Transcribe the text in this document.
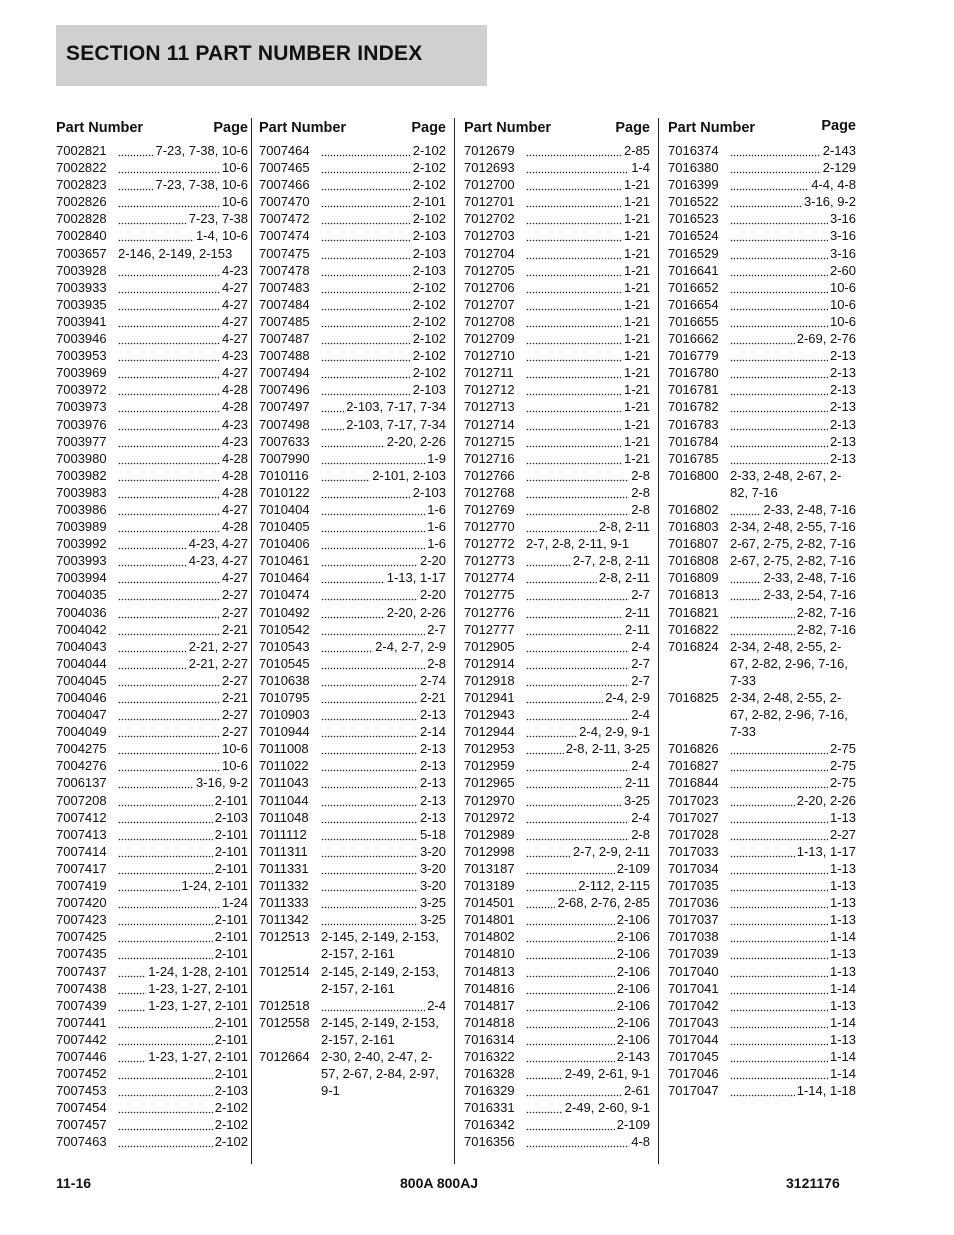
SECTION 11 PART NUMBER INDEX
Part Number	Page
7002821	7-23, 7-38, 10-6
7002822	10-6
7002823	7-23, 7-38, 10-6
7002826	10-6
7002828	7-23, 7-38
7002840	1-4, 10-6
7003657 2-146, 2-149, 2-153
7003928	4-23
7003933	4-27
7003935	4-27
7003941	4-27
7003946	4-27
7003953	4-23
7003969	4-27
7003972	4-28
7003973	4-28
7003976	4-23
7003977	4-23
7003980	4-28
7003982	4-28
7003983	4-28
7003986	4-27
7003989	4-28
7003992	4-23, 4-27
7003993	4-23, 4-27
7003994	4-27
7004035	2-27
7004036	2-27
7004042	2-21
7004043	2-21, 2-27
7004044	2-21, 2-27
7004045	2-27
7004046	2-21
7004047	2-27
7004049	2-27
7004275	10-6
7004276	10-6
7006137	3-16, 9-2
7007208	2-101
7007412	2-103
7007413	2-101
7007414	2-101
7007417	2-101
7007419	1-24, 2-101
7007420	1-24
7007423	2-101
7007425	2-101
7007435	2-101
7007437	1-24, 1-28, 2-101
7007438	1-23, 1-27, 2-101
7007439	1-23, 1-27, 2-101
7007441	2-101
7007442	2-101
7007446	1-23, 1-27, 2-101
7007452	2-101
7007453	2-103
7007454	2-102
7007457	2-102
7007463	2-102
Part Number	Page
7007464	2-102
7007465	2-102
7007466	2-102
7007470	2-101
7007472	2-102
7007474	2-103
7007475	2-103
7007478	2-103
7007483	2-102
7007484	2-102
7007485	2-102
7007487	2-102
7007488	2-102
7007494	2-102
7007496	2-103
7007497	2-103, 7-17, 7-34
7007498	2-103, 7-17, 7-34
7007633	2-20, 2-26
7007990	1-9
7010116	2-101, 2-103
7010122	2-103
7010404	1-6
7010405	1-6
7010406	1-6
7010461	2-20
7010464	1-13, 1-17
7010474	2-20
7010492	2-20, 2-26
7010542	2-7
7010543	2-4, 2-7, 2-9
7010545	2-8
7010638	2-74
7010795	2-21
7010903	2-13
7010944	2-14
7011008	2-13
7011022	2-13
7011043	2-13
7011044	2-13
7011048	2-13
7011112	5-18
7011311	3-20
7011331	3-20
7011332	3-20
7011333	3-25
7011342	3-25
7012513 2-145, 2-149, 2-153, 2-157, 2-161
7012514 2-145, 2-149, 2-153, 2-157, 2-161
7012518	2-4
7012558 2-145, 2-149, 2-153, 2-157, 2-161
7012664 2-30, 2-40, 2-47, 2-57, 2-67, 2-84, 2-97, 9-1
Part Number	Page
7012679	2-85
7012693	1-4
7012700	1-21
7012701	1-21
7012702	1-21
7012703	1-21
7012704	1-21
7012705	1-21
7012706	1-21
7012707	1-21
7012708	1-21
7012709	1-21
7012710	1-21
7012711	1-21
7012712	1-21
7012713	1-21
7012714	1-21
7012715	1-21
7012716	1-21
7012766	2-8
7012768	2-8
7012769	2-8
7012770	2-8, 2-11
7012772 2-7, 2-8, 2-11, 9-1
7012773	2-7, 2-8, 2-11
7012774	2-8, 2-11
7012775	2-7
7012776	2-11
7012777	2-11
7012905	2-4
7012914	2-7
7012918	2-7
7012941	2-4, 2-9
7012943	2-4
7012944	2-4, 2-9, 9-1
7012953	2-8, 2-11, 3-25
7012959	2-4
7012965	2-11
7012970	3-25
7012972	2-4
7012989	2-8
7012998	2-7, 2-9, 2-11
7013187	2-109
7013189	2-112, 2-115
7014501	2-68, 2-76, 2-85
7014801	2-106
7014802	2-106
7014810	2-106
7014813	2-106
7014816	2-106
7014817	2-106
7014818	2-106
7016314	2-106
7016322	2-143
7016328	2-49, 2-61, 9-1
7016329	2-61
7016331	2-49, 2-60, 9-1
7016342	2-109
7016356	4-8
Part Number	Page
7016374	2-143
7016380	2-129
7016399	4-4, 4-8
7016522	3-16, 9-2
7016523	3-16
7016524	3-16
7016529	3-16
7016641	2-60
7016652	10-6
7016654	10-6
7016655	10-6
7016662	2-69, 2-76
7016779	2-13
7016780	2-13
7016781	2-13
7016782	2-13
7016783	2-13
7016784	2-13
7016785	2-13
7016800 2-33, 2-48, 2-67, 2-82, 7-16
7016802	2-33, 2-48, 7-16
7016803 2-34, 2-48, 2-55, 7-16
7016807 2-67, 2-75, 2-82, 7-16
7016808 2-67, 2-75, 2-82, 7-16
7016809	2-33, 2-48, 7-16
7016813	2-33, 2-54, 7-16
7016821	2-82, 7-16
7016822	2-82, 7-16
7016824 2-34, 2-48, 2-55, 2-67, 2-82, 2-96, 7-16, 7-33
7016825 2-34, 2-48, 2-55, 2-67, 2-82, 2-96, 7-16, 7-33
7016826	2-75
7016827	2-75
7016844	2-75
7017023	2-20, 2-26
7017027	1-13
7017028	2-27
7017033	1-13, 1-17
7017034	1-13
7017035	1-13
7017036	1-13
7017037	1-13
7017038	1-14
7017039	1-13
7017040	1-13
7017041	1-14
7017042	1-13
7017043	1-14
7017044	1-13
7017045	1-14
7017046	1-14
7017047	1-14, 1-18
11-16	800A 800AJ	3121176
